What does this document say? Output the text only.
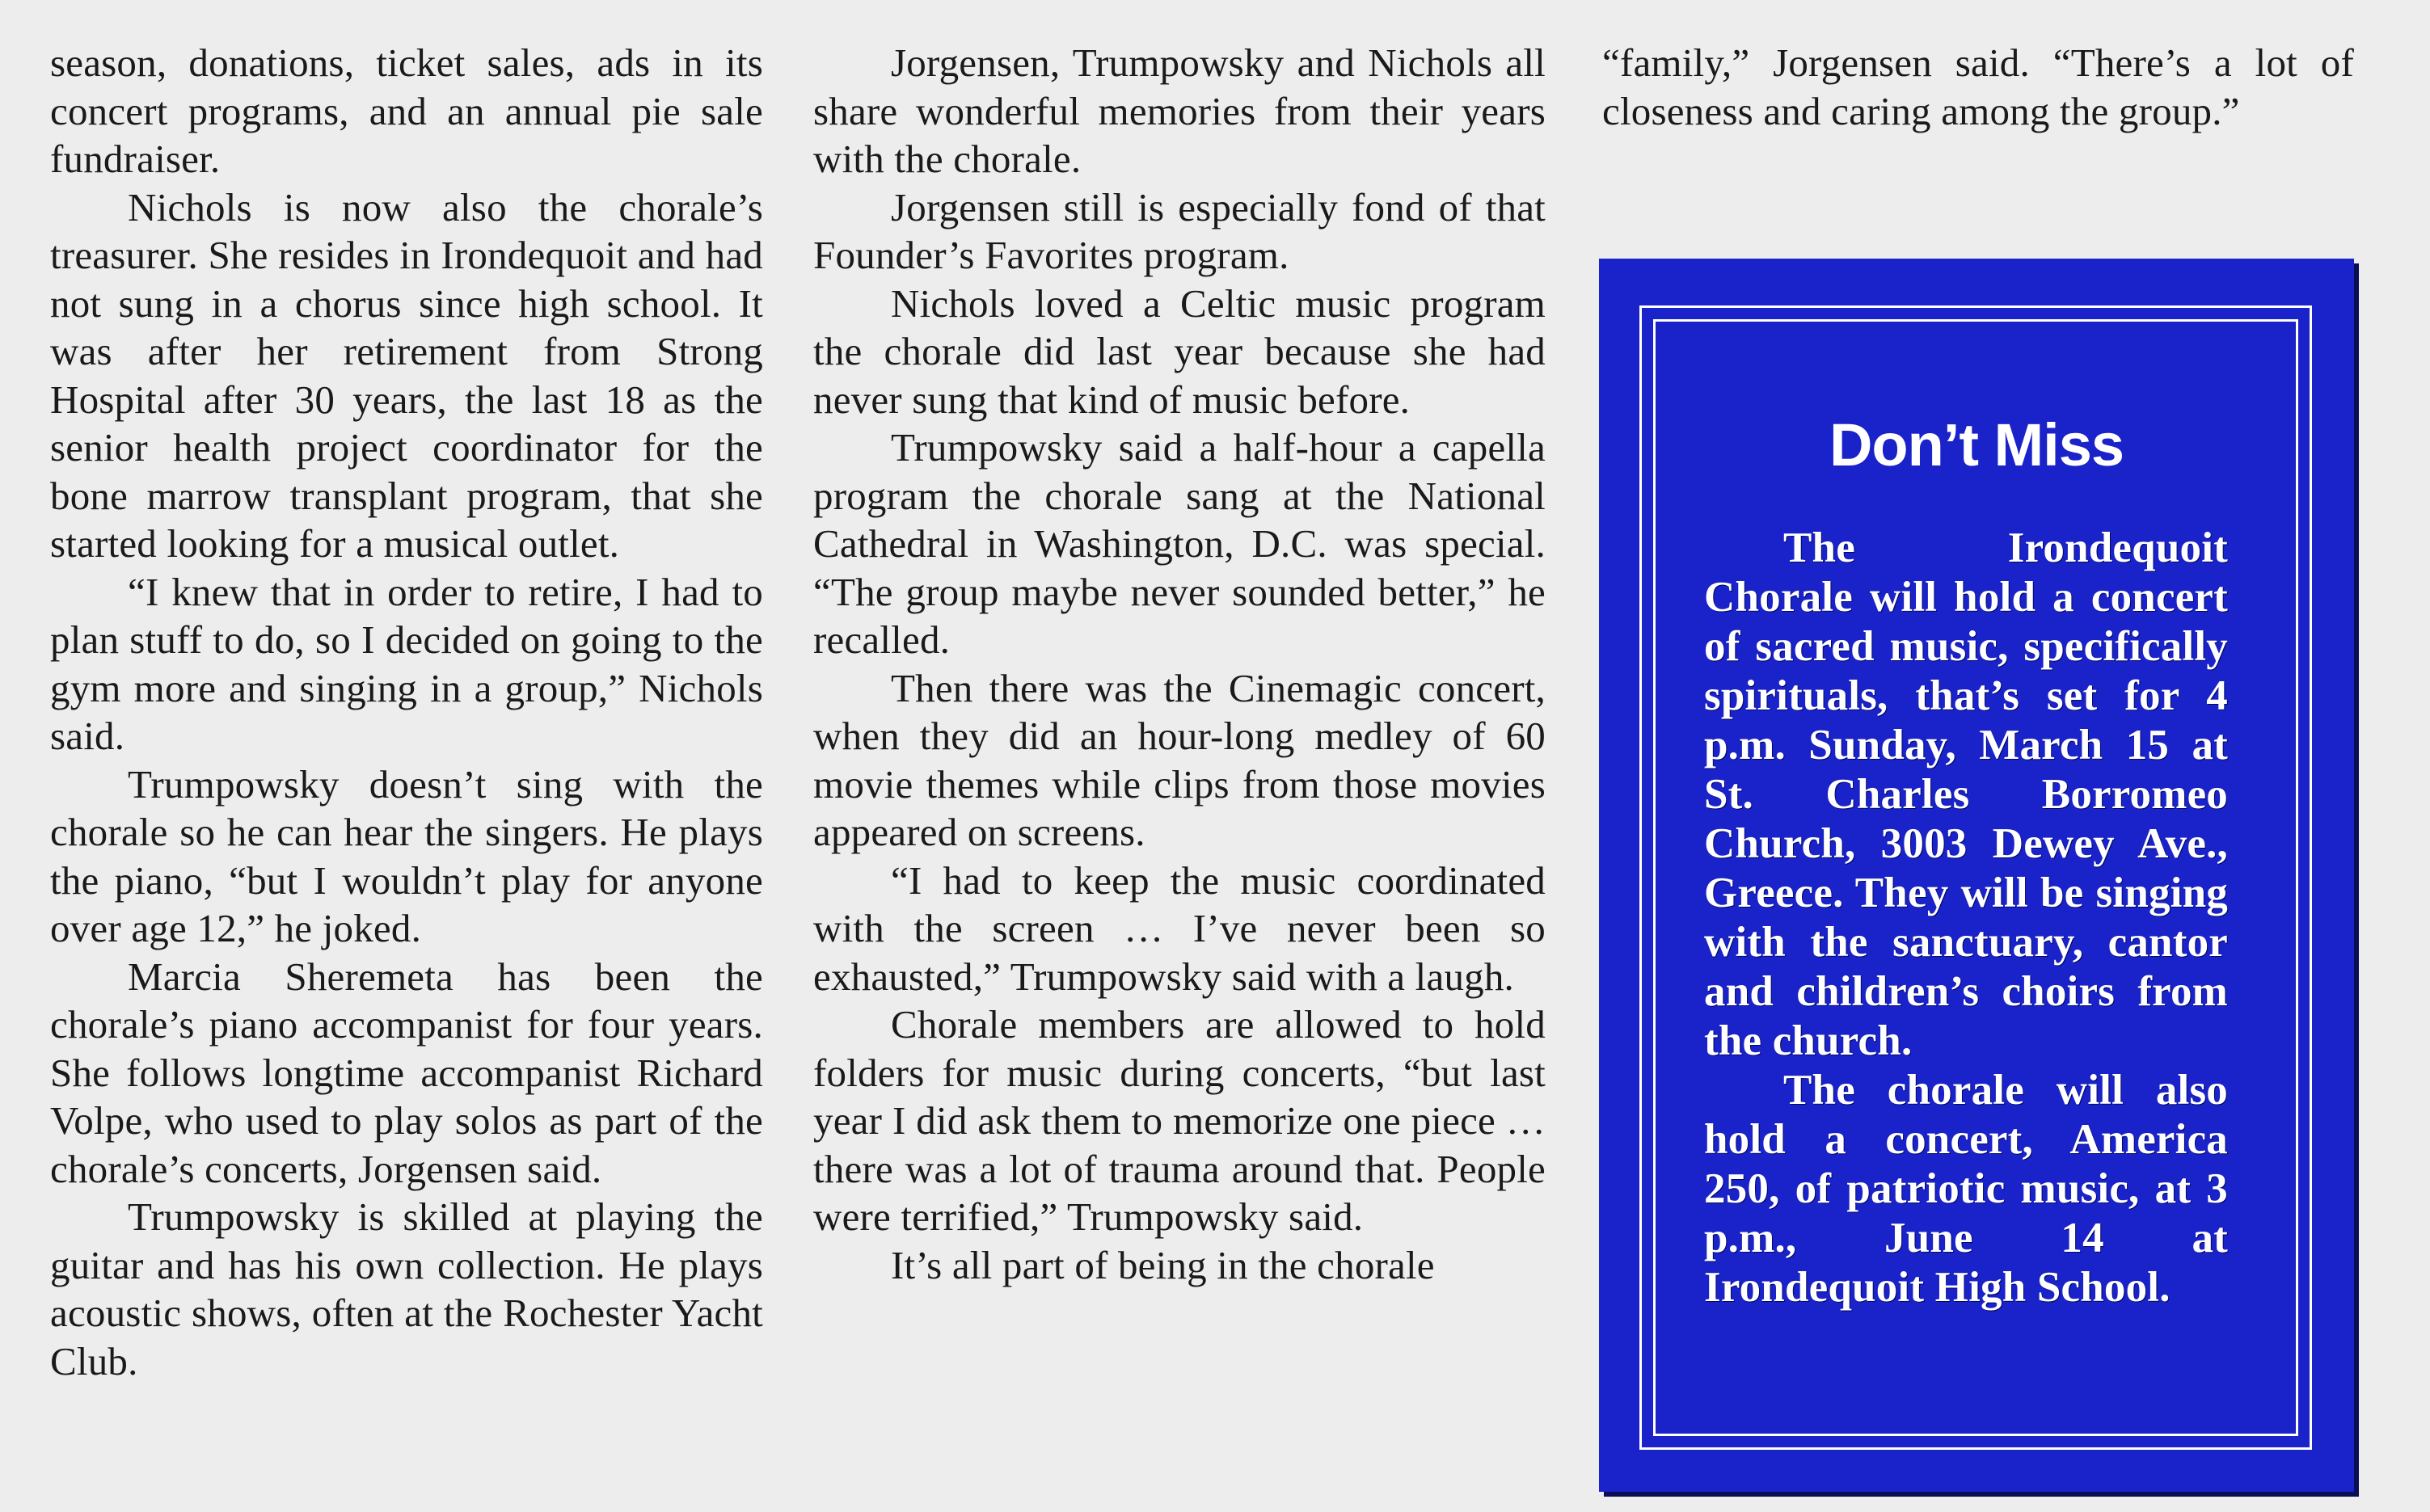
season, donations, ticket sales, ads in its concert programs, and an annual pie sale fundraiser.

Nichols is now also the chorale’s treasurer. She resides in Irondequoit and had not sung in a chorus since high school. It was after her retirement from Strong Hospital after 30 years, the last 18 as the senior health project coordinator for the bone marrow transplant program, that she started looking for a musical outlet.

“I knew that in order to retire, I had to plan stuff to do, so I decided on going to the gym more and singing in a group,” Nichols said.

Trumpowsky doesn’t sing with the chorale so he can hear the singers. He plays the piano, “but I wouldn’t play for anyone over age 12,” he joked.

Marcia Sheremeta has been the chorale’s piano accompanist for four years. She follows longtime accompanist Richard Volpe, who used to play solos as part of the chorale’s concerts, Jorgensen said.

Trumpowsky is skilled at playing the guitar and has his own collection. He plays acoustic shows, often at the Rochester Yacht Club.

Jorgensen, Trumpowsky and Nichols all share wonderful memories from their years with the chorale.

Jorgensen still is especially fond of that Founder’s Favorites program.

Nichols loved a Celtic music program the chorale did last year because she had never sung that kind of music before.

Trumpowsky said a half-hour a capella program the chorale sang at the National Cathedral in Washington, D.C. was special. “The group maybe never sounded better,” he recalled.

Then there was the Cinemagic concert, when they did an hour-long medley of 60 movie themes while clips from those movies appeared on screens.

“I had to keep the music coordinated with the screen … I’ve never been so exhausted,” Trumpowsky said with a laugh.

Chorale members are allowed to hold folders for music during concerts, “but last year I did ask them to memorize one piece … there was a lot of trauma around that. People were terrified,” Trumpowsky said.

It’s all part of being in the chorale

“family,” Jorgensen said. “There’s a lot of closeness and caring among the group.”

Don’t Miss

The Irondequoit Chorale will hold a concert of sacred music, specifically spirituals, that’s set for 4 p.m. Sunday, March 15 at St. Charles Borromeo Church, 3003 Dewey Ave., Greece. They will be singing with the sanctuary, cantor and children’s choirs from the church.

The chorale will also hold a concert, America 250, of patriotic music, at 3 p.m., June 14 at Irondequoit High School.
